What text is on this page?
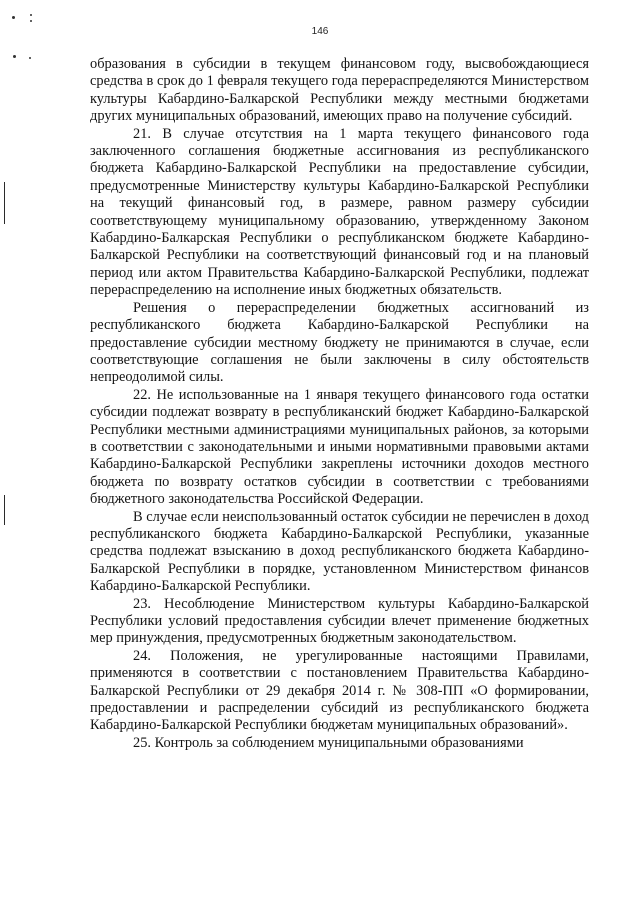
146

образования в субсидии в текущем финансовом году, высвобождающиеся средства в срок до 1 февраля текущего года перераспределяются Министерством культуры Кабардино-Балкарской Республики между местными бюджетами других муниципальных образований, имеющих право на получение субсидий.

21. В случае отсутствия на 1 марта текущего финансового года заключенного соглашения бюджетные ассигнования из республиканского бюджета Кабардино-Балкарской Республики на предоставление субсидии, предусмотренные Министерству культуры Кабардино-Балкарской Республики на текущий финансовый год, в размере, равном размеру субсидии соответствующему муниципальному образованию, утвержденному Законом Кабардино-Балкарская Республики о республиканском бюджете Кабардино-Балкарской Республики на соответствующий финансовый год и на плановый период или актом Правительства Кабардино-Балкарской Республики, подлежат перераспределению на исполнение иных бюджетных обязательств.

Решения о перераспределении бюджетных ассигнований из республиканского бюджета Кабардино-Балкарской Республики на предоставление субсидии местному бюджету не принимаются в случае, если соответствующие соглашения не были заключены в силу обстоятельств непреодолимой силы.

22. Не использованные на 1 января текущего финансового года остатки субсидии подлежат возврату в республиканский бюджет Кабардино-Балкарской Республики местными администрациями муниципальных районов, за которыми в соответствии с законодательными и иными нормативными правовыми актами Кабардино-Балкарской Республики закреплены источники доходов местного бюджета по возврату остатков субсидии в соответствии с требованиями бюджетного законодательства Российской Федерации.

В случае если неиспользованный остаток субсидии не перечислен в доход республиканского бюджета Кабардино-Балкарской Республики, указанные средства подлежат взысканию в доход республиканского бюджета Кабардино-Балкарской Республики в порядке, установленном Министерством финансов Кабардино-Балкарской Республики.

23. Несоблюдение Министерством культуры Кабардино-Балкарской Республики условий предоставления субсидии влечет применение бюджетных мер принуждения, предусмотренных бюджетным законодательством.

24. Положения, не урегулированные настоящими Правилами, применяются в соответствии с постановлением Правительства Кабардино-Балкарской Республики от 29 декабря 2014 г. № 308-ПП «О формировании, предоставлении и распределении субсидий из республиканского бюджета Кабардино-Балкарской Республики бюджетам муниципальных образований».

25. Контроль за соблюдением муниципальными образованиями
